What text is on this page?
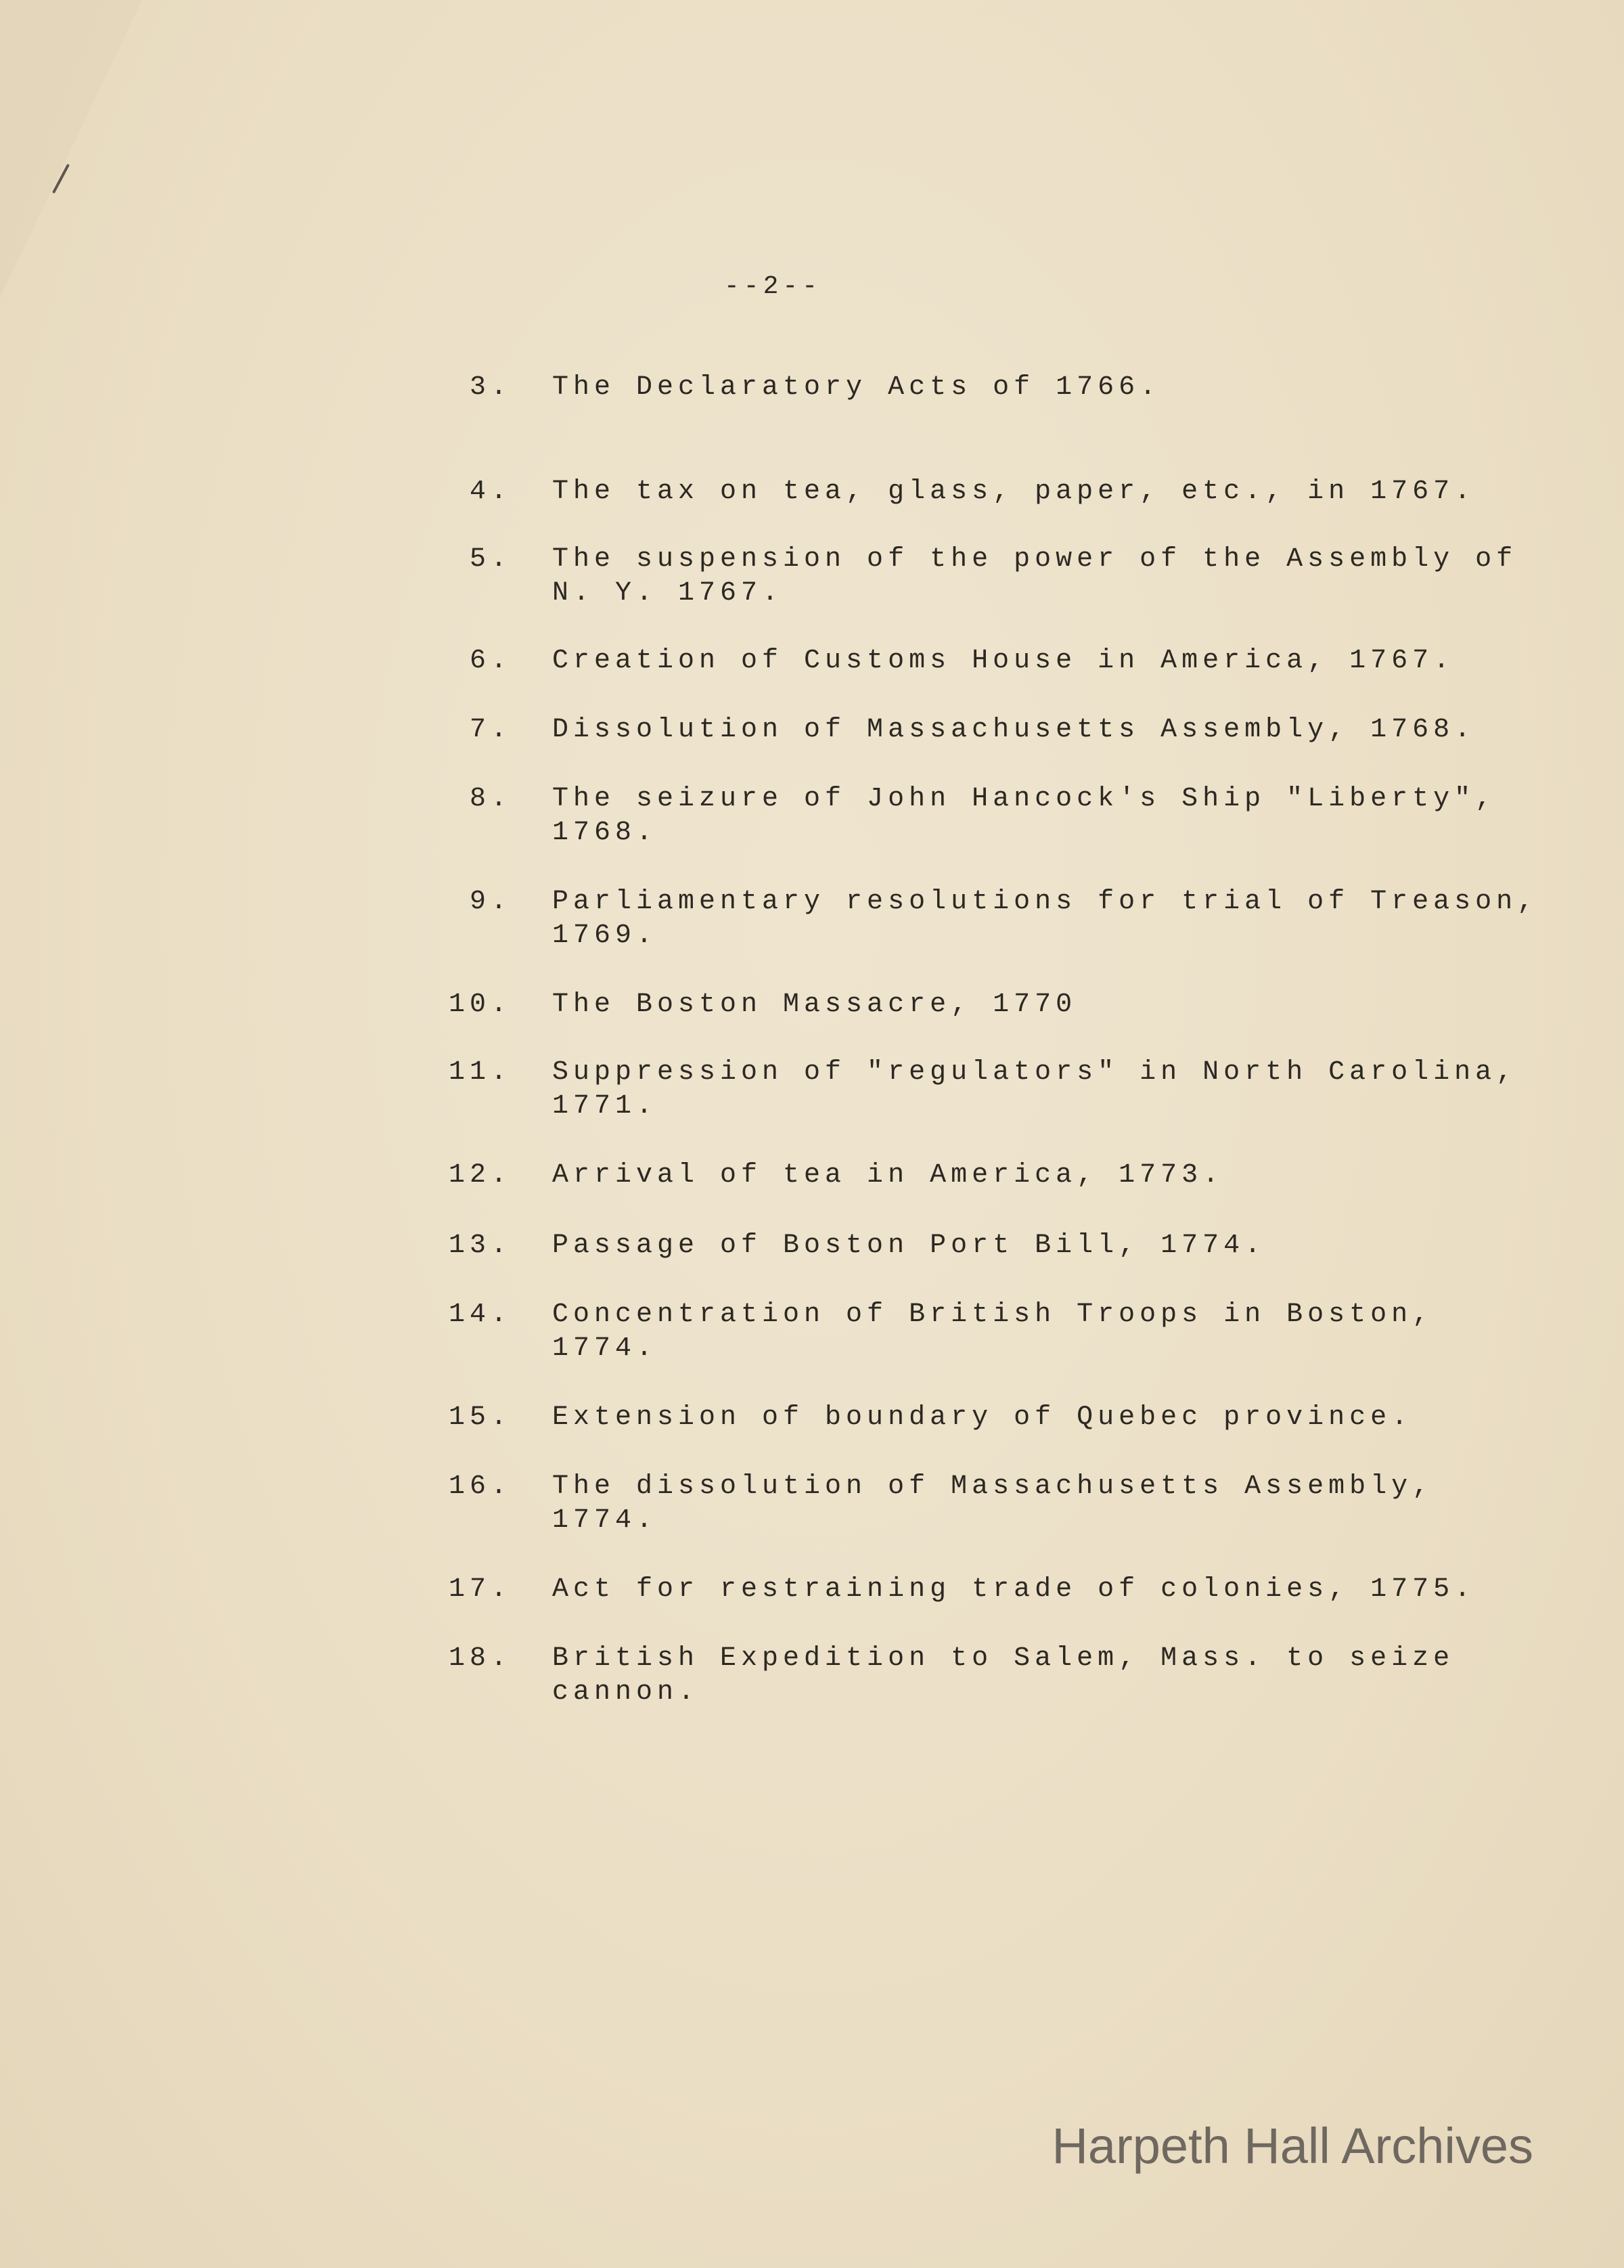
--2--
3. The Declaratory Acts of 1766.
4. The tax on tea, glass, paper, etc., in 1767.
5. The suspension of the power of the Assembly of
N. Y. 1767.
6. Creation of Customs House in America, 1767.
7. Dissolution of Massachusetts Assembly, 1768.
8. The seizure of John Hancock's Ship "Liberty",
1768.
9. Parliamentary resolutions for trial of Treason,
1769.
10. The Boston Massacre, 1770
11. Suppression of "regulators" in North Carolina,
1771.
12. Arrival of tea in America, 1773.
13. Passage of Boston Port Bill, 1774.
14. Concentration of British Troops in Boston, 1774.
15. Extension of boundary of Quebec province.
16. The dissolution of Massachusetts Assembly, 1774.
17. Act for restraining trade of colonies, 1775.
18. British Expedition to Salem, Mass. to seize
cannon.
Harpeth Hall Archives
